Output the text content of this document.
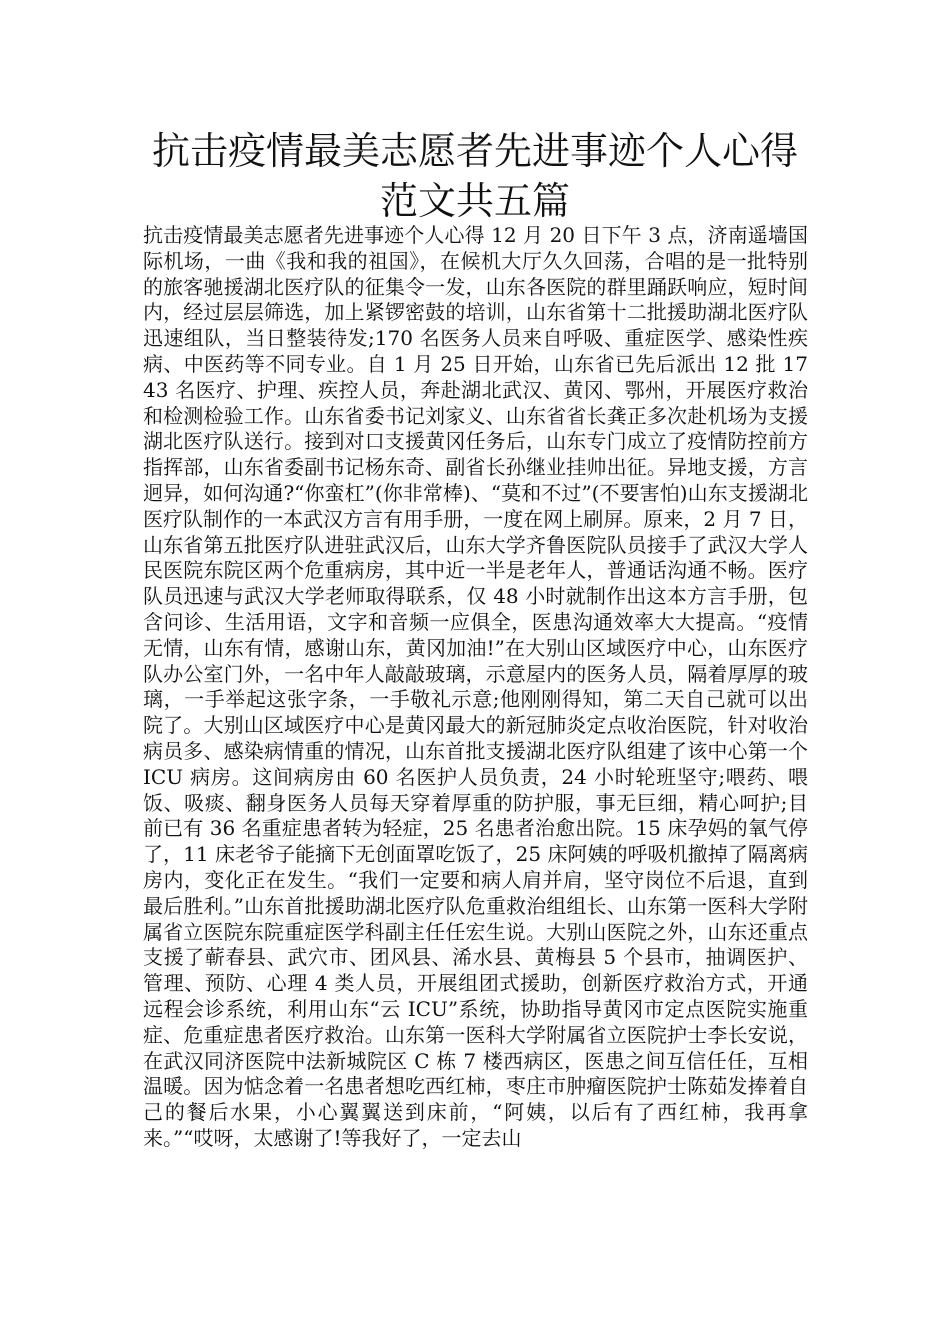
抗击疫情最美志愿者先进事迹个人心得范文共五篇

抗击疫情最美志愿者先进事迹个人心得 12 月 20 日下午 3 点，济南遥墙国际机场，一曲《我和我的祖国》，在候机大厅久久回荡，合唱的是一批特别的旅客驰援湖北医疗队的征集令一发，山东各医院的群里踊跃响应，短时间内，经过层层筛选，加上紧锣密鼓的培训，山东省第十二批援助湖北医疗队迅速组队，当日整装待发;170 名医务人员来自呼吸、重症医学、感染性疾病、中医药等不同专业。自 1 月 25 日开始，山东省已先后派出 12 批 1743 名医疗、护理、疾控人员，奔赴湖北武汉、黄冈、鄂州，开展医疗救治和检测检验工作。山东省委书记刘家义、山东省省长龚正多次赴机场为支援湖北医疗队送行。接到对口支援黄冈任务后，山东专门成立了疫情防控前方指挥部，山东省委副书记杨东奇、副省长孙继业挂帅出征。异地支援，方言迥异，如何沟通?“你蛮杠”(你非常棒)、“莫和不过”(不要害怕)山东支援湖北医疗队制作的一本武汉方言有用手册，一度在网上刷屏。原来，2 月 7 日，山东省第五批医疗队进驻武汉后，山东大学齐鲁医院队员接手了武汉大学人民医院东院区两个危重病房，其中近一半是老年人，普通话沟通不畅。医疗队员迅速与武汉大学老师取得联系，仅 48 小时就制作出这本方言手册，包含问诊、生活用语，文字和音频一应俱全，医患沟通效率大大提高。“疫情无情，山东有情，感谢山东，黄冈加油!”在大别山区域医疗中心，山东医疗队办公室门外，一名中年人敲敲玻璃，示意屋内的医务人员，隔着厚厚的玻璃，一手举起这张字条，一手敬礼示意;他刚刚得知，第二天自己就可以出院了。大别山区域医疗中心是黄冈最大的新冠肺炎定点收治医院，针对收治病员多、感染病情重的情况，山东首批支援湖北医疗队组建了该中心第一个 ICU 病房。这间病房由 60 名医护人员负责，24 小时轮班坚守;喂药、喂饭、吸痰、翻身医务人员每天穿着厚重的防护服，事无巨细，精心呵护;目前已有 36 名重症患者转为轻症，25 名患者治愈出院。15 床孕妈的氧气停了，11 床老爷子能摘下无创面罩吃饭了，25 床阿姨的呼吸机撤掉了隔离病房内，变化正在发生。“我们一定要和病人肩并肩，坚守岗位不后退，直到最后胜利。”山东首批援助湖北医疗队危重救治组组长、山东第一医科大学附属省立医院东院重症医学科副主任任宏生说。大别山医院之外，山东还重点支援了蕲春县、武穴市、团风县、浠水县、黄梅县 5 个县市，抽调医护、管理、预防、心理 4 类人员，开展组团式援助，创新医疗救治方式，开通远程会诊系统，利用山东“云 ICU”系统，协助指导黄冈市定点医院实施重症、危重症患者医疗救治。山东第一医科大学附属省立医院护士李长安说，在武汉同济医院中法新城院区 C 栋 7 楼西病区，医患之间互信任任，互相温暖。因为惦念着一名患者想吃西红柿，枣庄市肿瘤医院护士陈茹发捧着自己的餐后水果，小心翼翼送到床前，“阿姨，以后有了西红柿，我再拿来。”“哎呀，太感谢了!等我好了，一定去山
